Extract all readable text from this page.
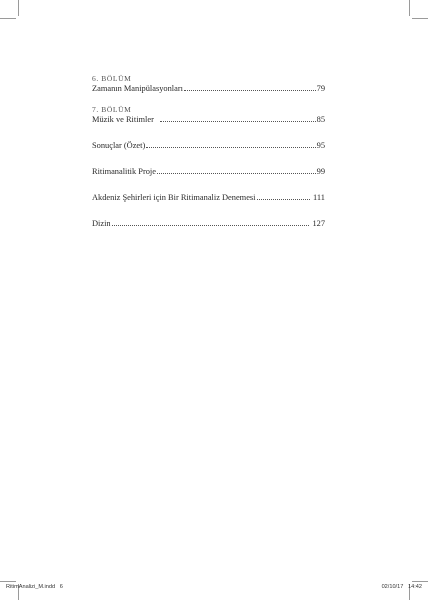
6. BÖLÜM
Zamanın Manipülasyonları	79
7. BÖLÜM
Müzik ve Ritimler	85
Sonuçlar (Özet)	95
Ritimanalitik Proje	99
Akdeniz Şehirleri için Bir Ritimanaliz Denemesi	111
Dizin	127
RitimAnalizi_M.indd   6	02/10/17   14:42
